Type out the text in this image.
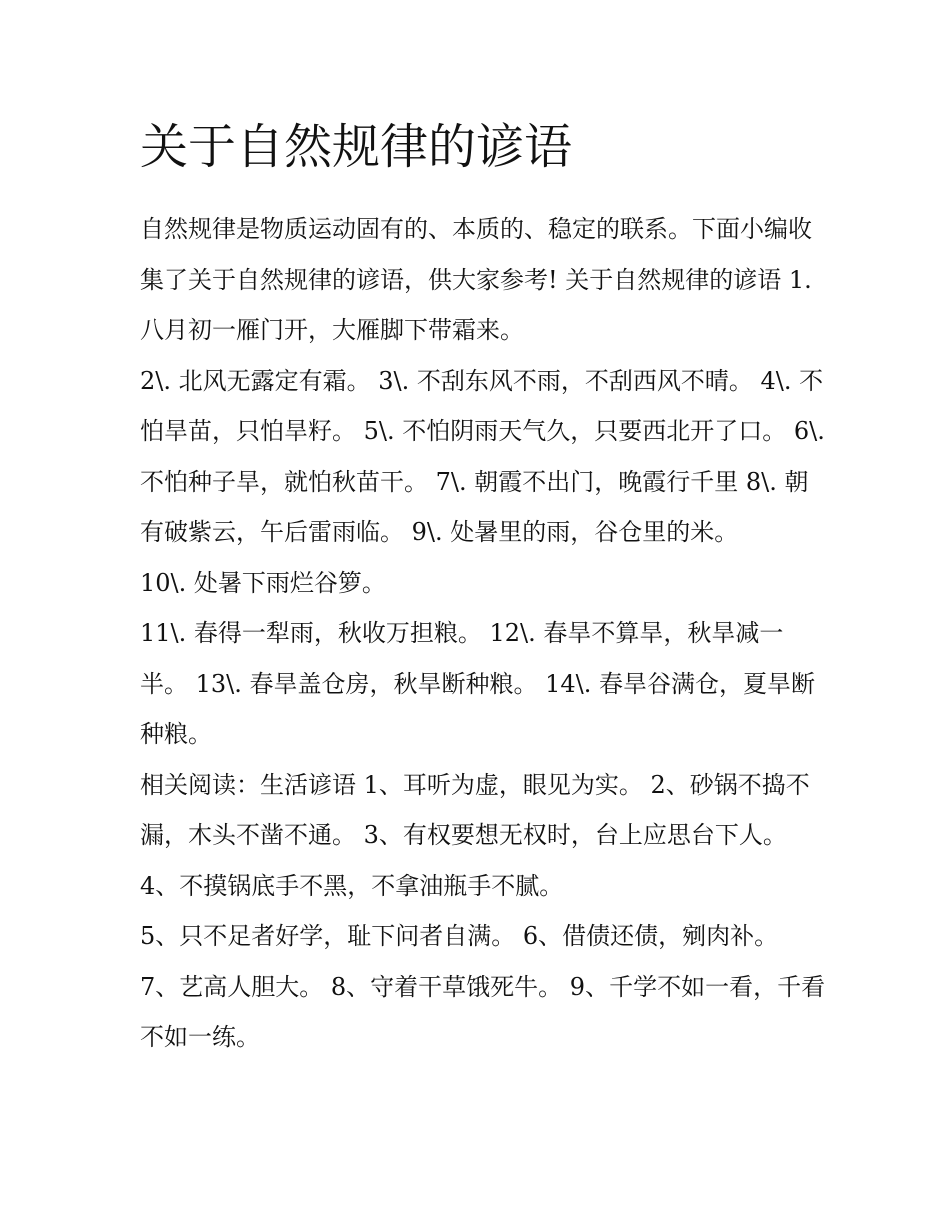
关于自然规律的谚语

自然规律是物质运动固有的、本质的、稳定的联系。下面小编收集了关于自然规律的谚语，供大家参考! 关于自然规律的谚语 1.八月初一雁门开，大雁脚下带霜来。

2\. 北风无露定有霜。 3\. 不刮东风不雨，不刮西风不晴。 4\. 不怕旱苗，只怕旱籽。 5\. 不怕阴雨天气久，只要西北开了口。 6\.

不怕种子旱，就怕秋苗干。 7\. 朝霞不出门，晚霞行千里 8\. 朝有破紫云，午后雷雨临。 9\. 处暑里的雨，谷仓里的米。

10\. 处暑下雨烂谷箩。

11\. 春得一犁雨，秋收万担粮。 12\. 春旱不算旱，秋旱减一半。 13\. 春旱盖仓房，秋旱断种粮。 14\. 春旱谷满仓，夏旱断种粮。

相关阅读：生活谚语 1、耳听为虚，眼见为实。 2、砂锅不捣不漏，木头不凿不通。 3、有权要想无权时，台上应思台下人。 4、不摸锅底手不黑，不拿油瓶手不腻。

5、只不足者好学，耻下问者自满。 6、借债还债，剜肉补。

7、艺高人胆大。 8、守着干草饿死牛。 9、千学不如一看，千看不如一练。
